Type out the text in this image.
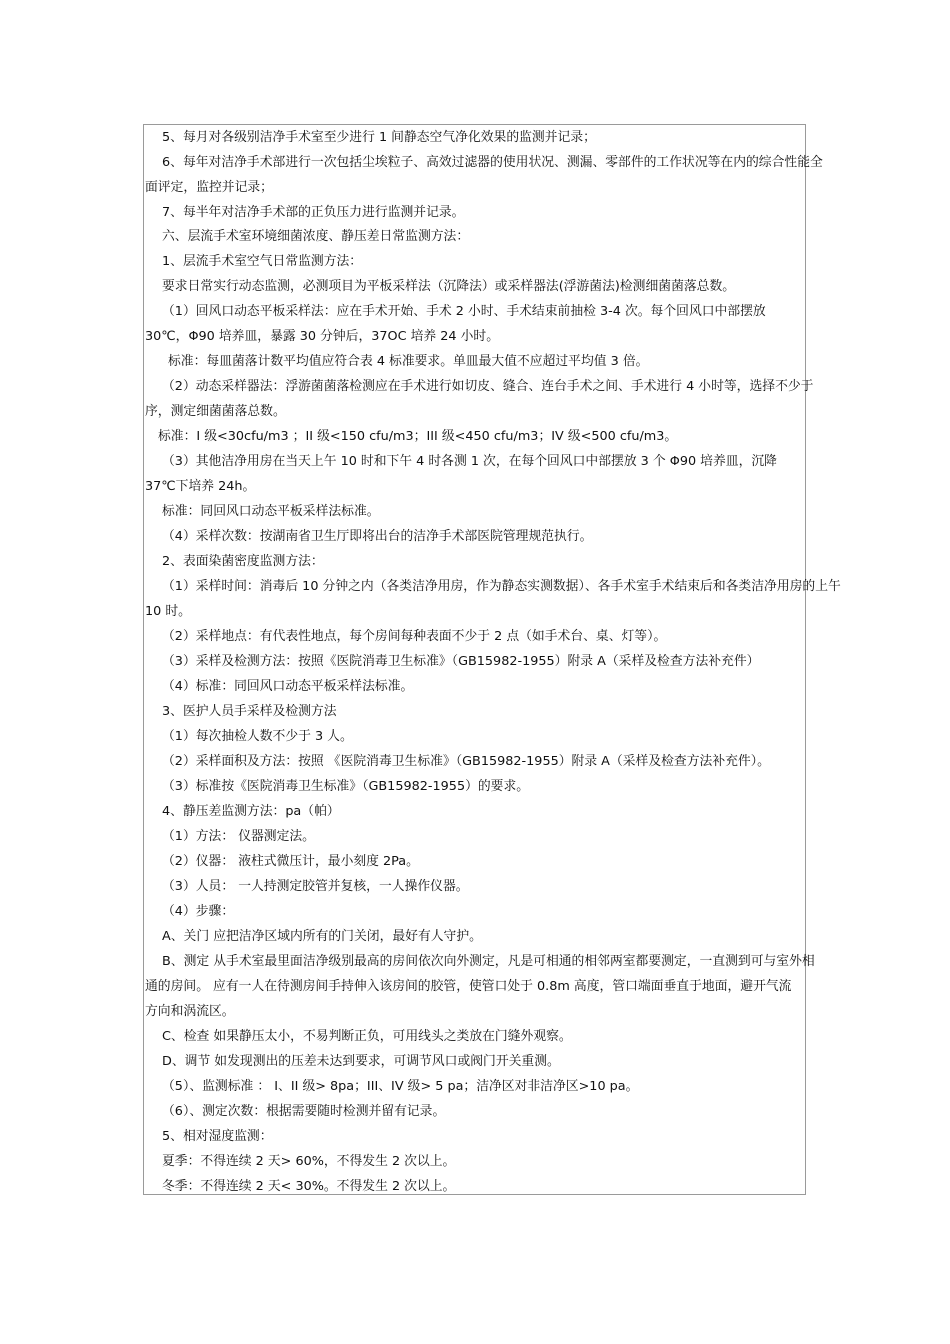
5、每月对各级别洁净手术室至少进行 1 间静态空气净化效果的监测并记录；
6、每年对洁净手术部进行一次包括尘埃粒子、高效过滤器的使用状况、测漏、零部件的工作状况等在内的综合性能全
面评定，监控并记录；
7、每半年对洁净手术部的正负压力进行监测并记录。
六、层流手术室环境细菌浓度、静压差日常监测方法：
1、层流手术室空气日常监测方法：
要求日常实行动态监测，必测项目为平板采样法（沉降法）或采样器法(浮游菌法)检测细菌菌落总数。
（1）回风口动态平板采样法：应在手术开始、手术 2 小时、手术结束前抽检 3-4 次。每个回风口中部摆放
30℃，Φ90 培养皿，暴露 30 分钟后，37OC 培养 24 小时。
标准：每皿菌落计数平均值应符合表 4 标准要求。单皿最大值不应超过平均值 3 倍。
（2）动态采样器法：浮游菌菌落检测应在手术进行如切皮、缝合、连台手术之间、手术进行 4 小时等，选择不少于
序，测定细菌菌落总数。
标准：I 级<30cfu/m3 ；II 级<150 cfu/m3；III 级<450 cfu/m3；IV 级<500 cfu/m3。
（3）其他洁净用房在当天上午 10 时和下午 4 时各测 1 次，在每个回风口中部摆放 3 个 Φ90 培养皿，沉降
37℃下培养 24h。
标准：同回风口动态平板采样法标准。
（4）采样次数：按湖南省卫生厅即将出台的洁净手术部医院管理规范执行。
2、表面染菌密度监测方法：
（1）采样时间：消毒后 10 分钟之内（各类洁净用房，作为静态实测数据）、各手术室手术结束后和各类洁净用房的上午
10 时。
（2）采样地点：有代表性地点，每个房间每种表面不少于 2 点（如手术台、桌、灯等）。
（3）采样及检测方法：按照《医院消毒卫生标准》（GB15982-1955）附录 A（采样及检查方法补充件）
（4）标准：同回风口动态平板采样法标准。
3、医护人员手采样及检测方法
（1）每次抽检人数不少于 3 人。
（2）采样面积及方法：按照 《医院消毒卫生标准》（GB15982-1955）附录 A（采样及检查方法补充件）。
（3）标准按《医院消毒卫生标准》（GB15982-1955）的要求。
4、静压差监测方法：pa（帕）
（1）方法： 仪器测定法。
（2）仪器： 液柱式微压计，最小刻度 2Pa。
（3）人员： 一人持测定胶管并复核，一人操作仪器。
（4）步骤：
A、关门 应把洁净区域内所有的门关闭，最好有人守护。
B、测定 从手术室最里面洁净级别最高的房间依次向外测定，凡是可相通的相邻两室都要测定，一直测到可与室外相
通的房间。 应有一人在待测房间手持伸入该房间的胶管，使管口处于 0.8m 高度，管口端面垂直于地面，避开气流
方向和涡流区。
C、检查 如果静压太小，不易判断正负，可用线头之类放在门缝外观察。
D、调节 如发现测出的压差未达到要求，可调节风口或阀门开关重测。
（5）、监测标准 ： I、II 级> 8pa；III、IV 级> 5 pa；洁净区对非洁净区>10 pa。
（6）、测定次数：根据需要随时检测并留有记录。
5、相对湿度监测：
夏季：不得连续 2 天> 60%，不得发生 2 次以上。
冬季：不得连续 2 天< 30%。不得发生 2 次以上。
